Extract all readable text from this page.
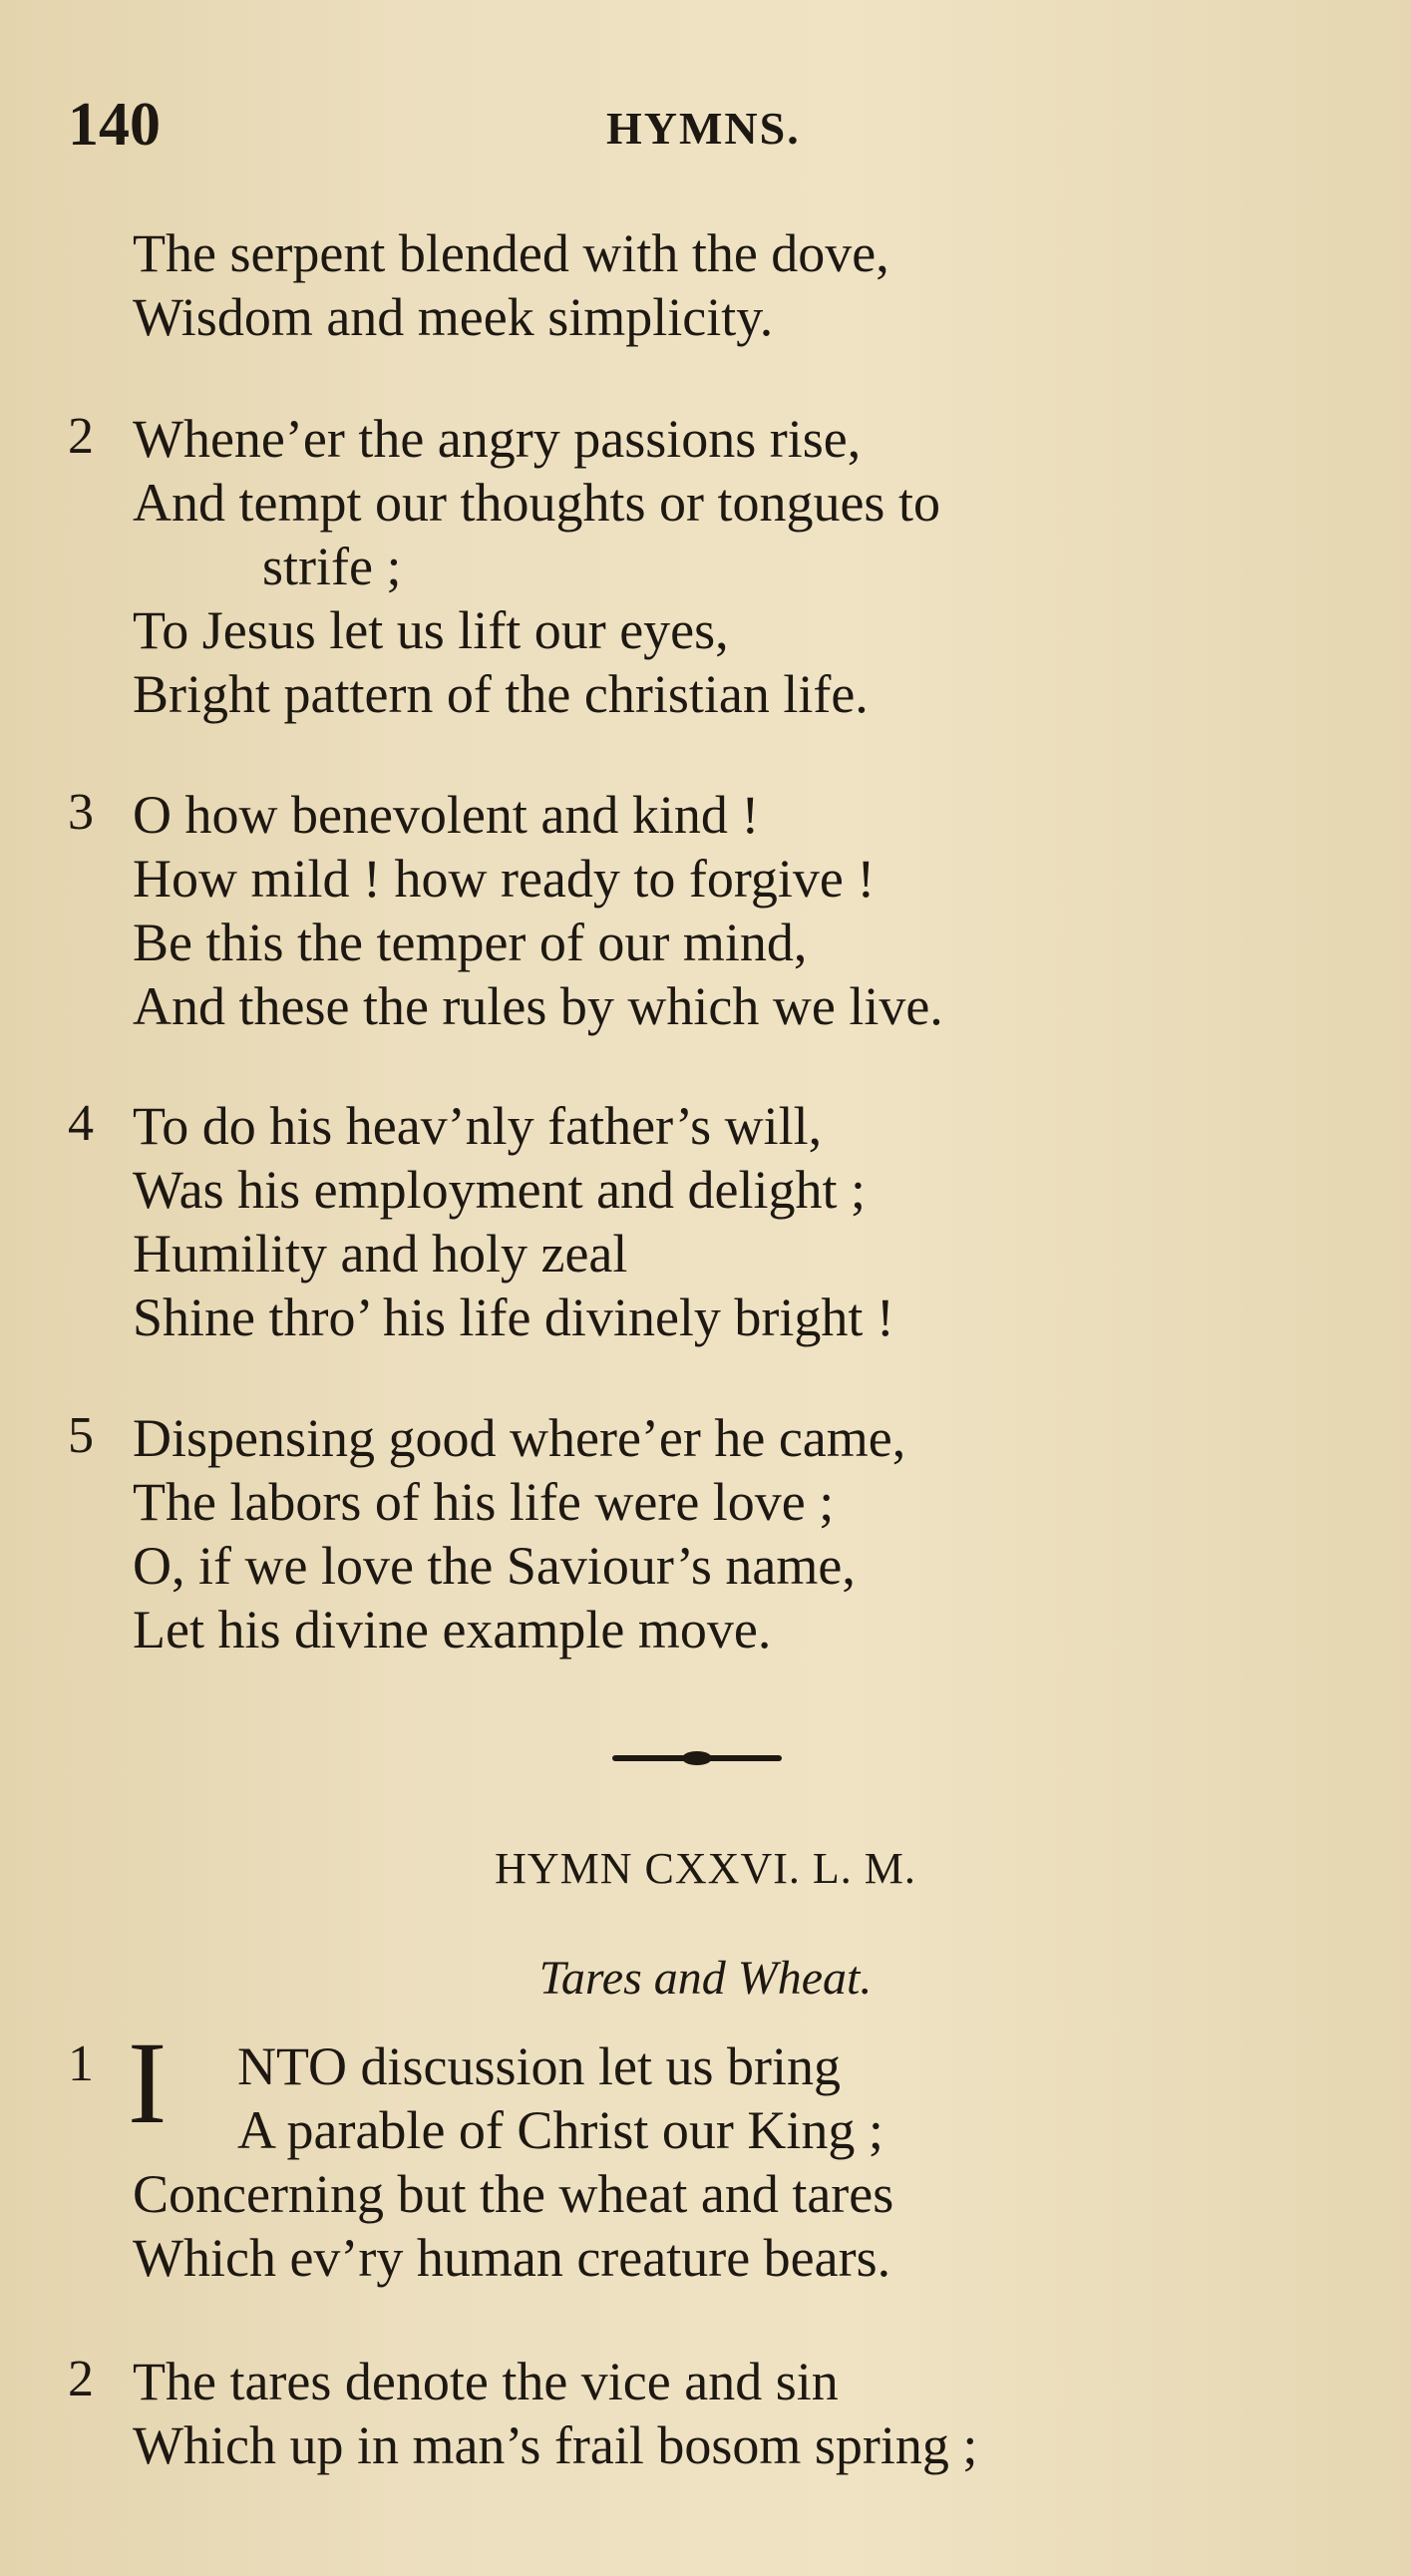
140	HYMNS.
The serpent blended with the dove,
Wisdom and meek simplicity.
2 Whene’er the angry passions rise,
And tempt our thoughts or tongues to
strife ;
To Jesus let us lift our eyes,
Bright pattern of the christian life.
3 O how benevolent and kind !
How mild ! how ready to forgive !
Be this the temper of our mind,
And these the rules by which we live.
4 To do his heav’nly father’s will,
Was his employment and delight ;
Humility and holy zeal
Shine thro’ his life divinely bright !
5 Dispensing good where’er he came,
The labors of his life were love ;
O, if we love the Saviour’s name,
Let his divine example move.
HYMN CXXVI. L. M.
Tares and Wheat.
1	NTO discussion let us bring
A parable of Christ our King ;
Concerning but the wheat and tares
Which ev’ry human creature bears.
I
2 The tares denote the vice and sin
Which up in man’s frail bosom spring ;
